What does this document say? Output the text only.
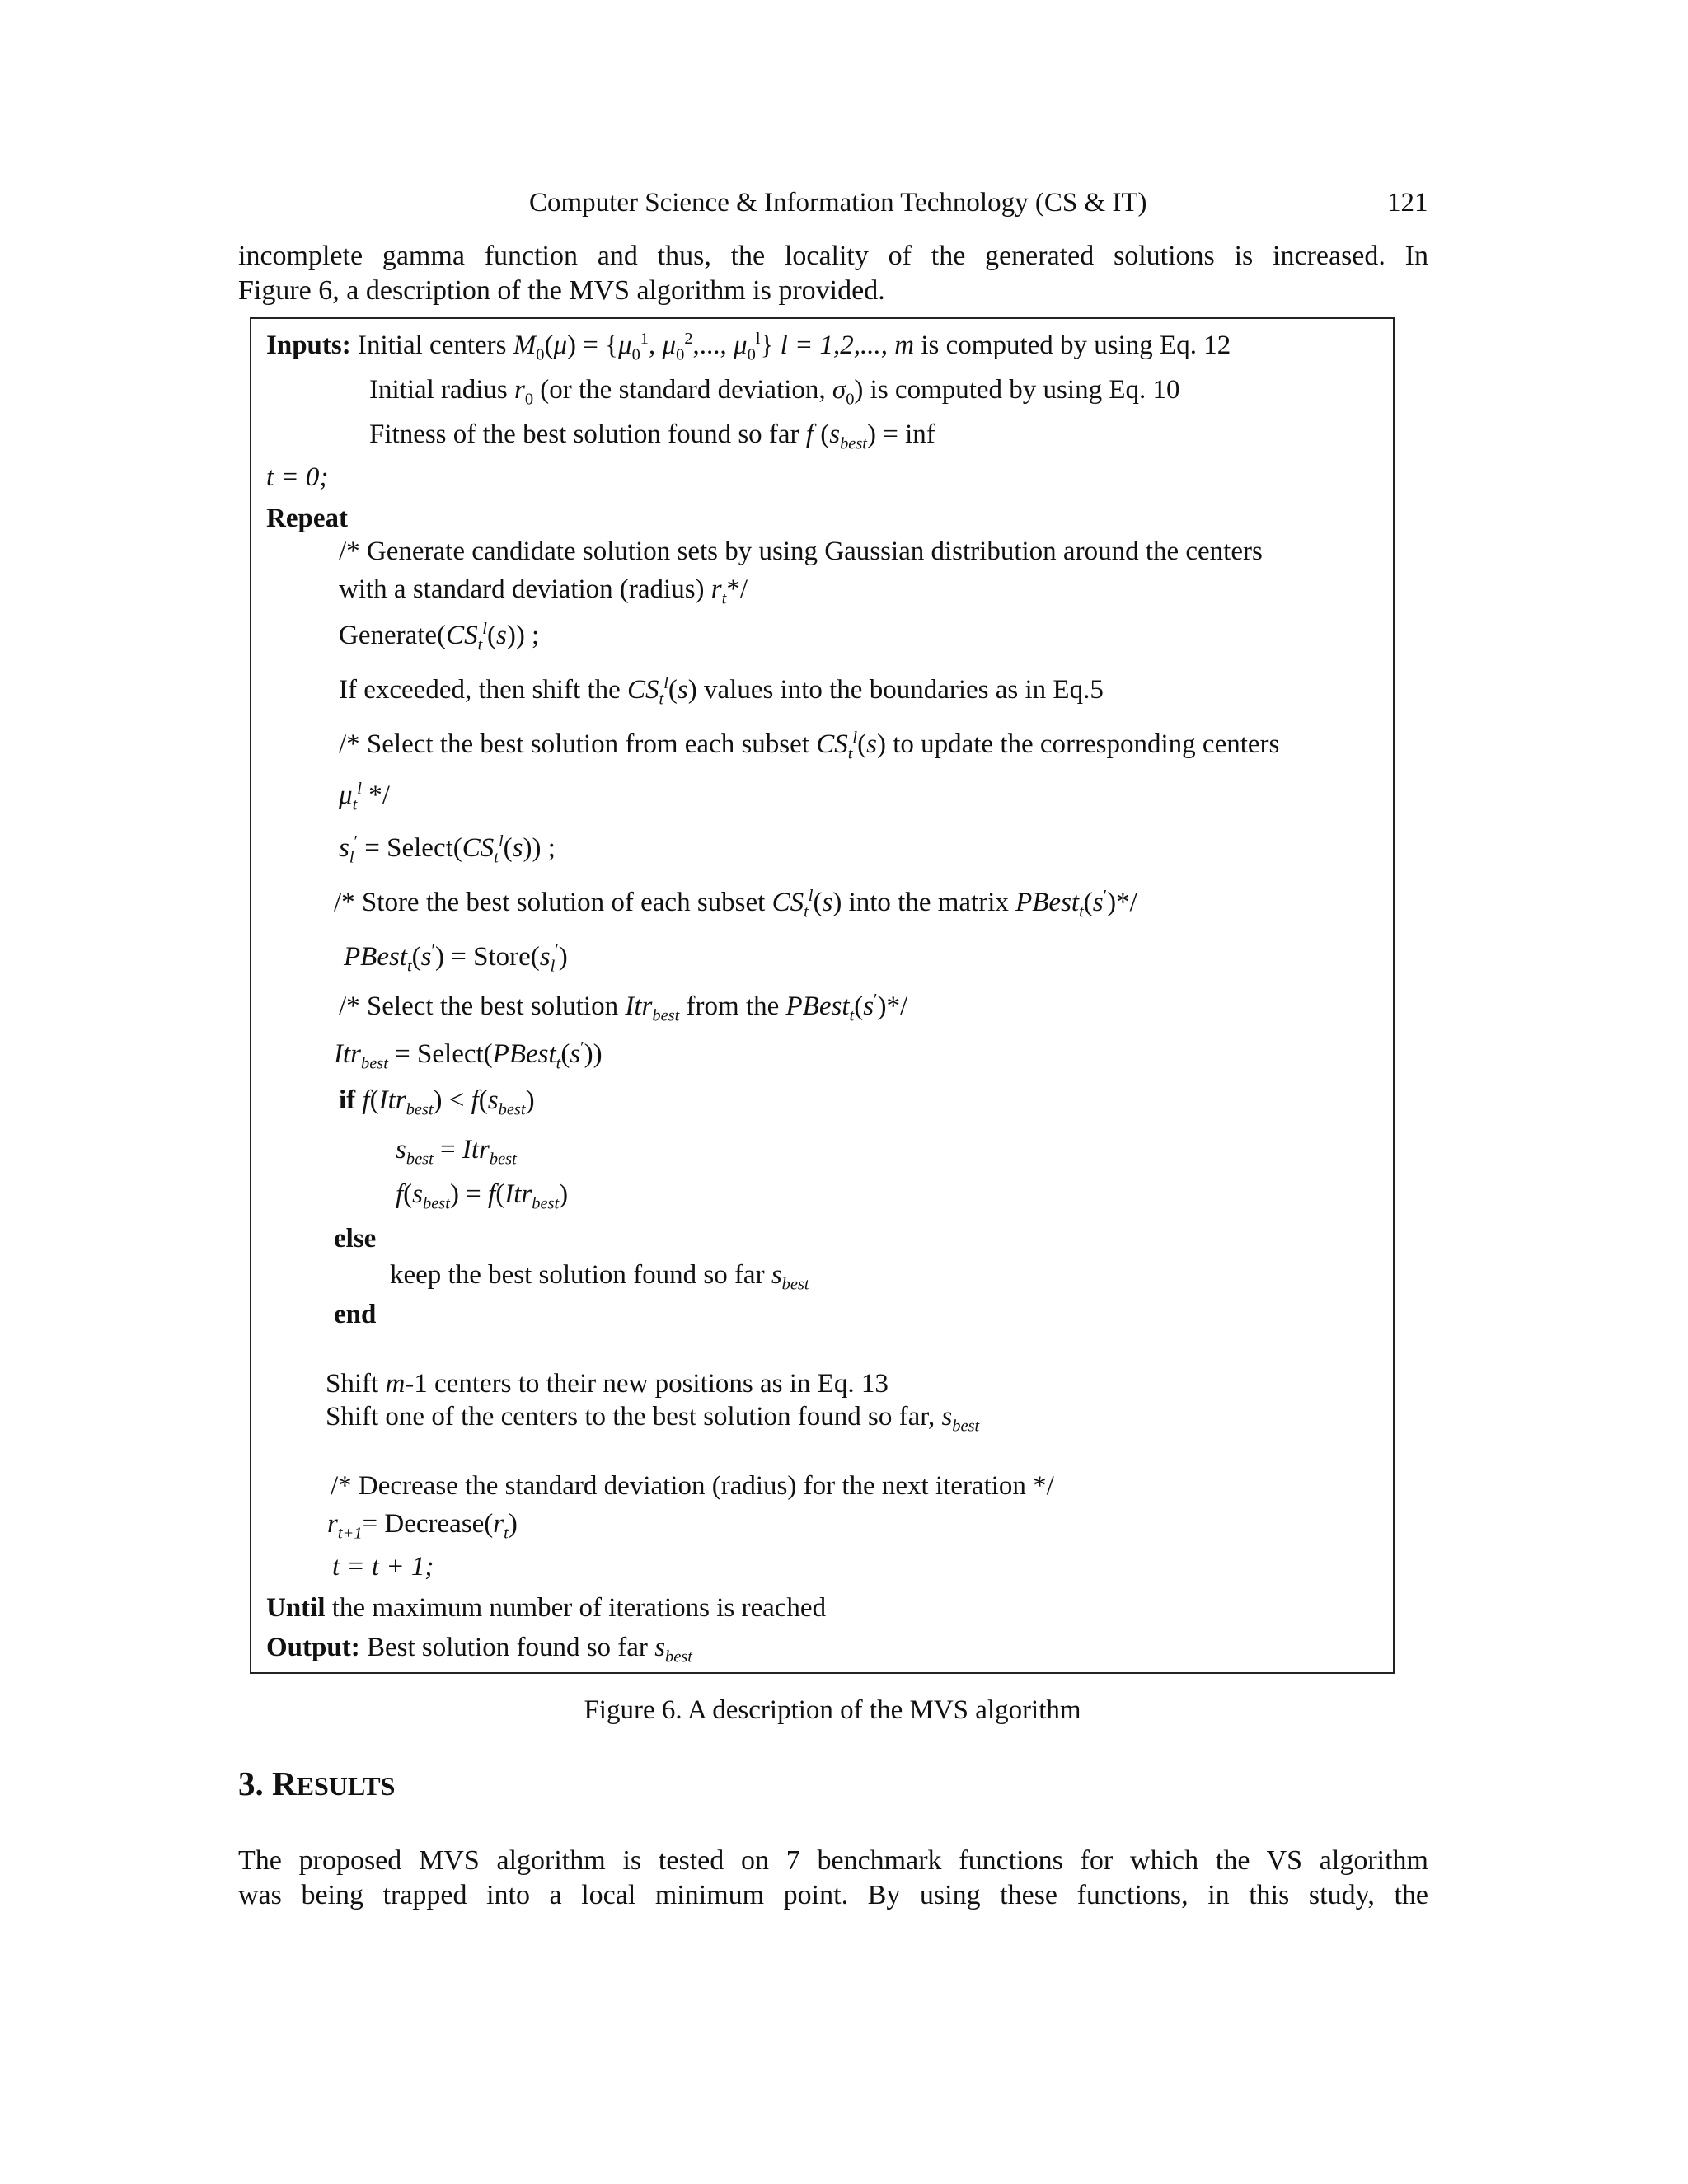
Computer Science & Information Technology (CS & IT)	121
incomplete gamma function and thus, the locality of the generated solutions is increased. In
Figure 6, a description of the MVS algorithm is provided.
Inputs: Initial centers $M_0(\mu) = \{\mu_0^1$, $\mu_0^2$,..., $\mu_0^l$} l = 1,2,..., m is computed by using Eq. 12
Initial radius $r_0$ (or the standard deviation, $\sigma_0$) is computed by using Eq. 10
Fitness of the best solution found so far f $(s_{best})$ = inf
t = 0;
Repeat
/* Generate candidate solution sets by using Gaussian distribution around the centers
with a standard deviation (radius) $r_t*/$
$Generate(CS_t^l(s))$ ;
If exceeded, then shift the $CS_t^l(s)$ values into the boundaries as in Eq.5
/* Select the best solution from each subset $CS_t^l(s)$ to update the corresponding centers
$\mu_t^l$ */
$s_l'$ = $Select(CS_t^l(s))$ ;
/* Store the best solution of each subset $CS_t^l(s)$ into the matrix PBest$_t$(s′)*/
PBest$_t$(s′) = $Store(s_l')$
/* Select the best solution Itr$_{best}$ from the PBest$_t$(s′)*/
Itr$_{best}$ = Select(PBest$_t$(s′))
if $f(Itr_{best}) < f(s_{best})$
$s_{best} = Itr_{best}$
$f(s_{best}) = f(Itr_{best})$
else
keep the best solution found so far $s_{best}$
end
Shift m-1 centers to their new positions as in Eq. 13
Shift one of the centers to the best solution found so far, $s_{best}$
/* Decrease the standard deviation (radius) for the next iteration */
$r_{t+1}=$ $Decrease(r_t)$
t = t + 1;
Until the maximum number of iterations is reached
Output: Best solution found so far $s_{best}$
Figure 6. A description of the MVS algorithm
3. RESULTS
The proposed MVS algorithm is tested on 7 benchmark functions for which the VS algorithm
was being trapped into a local minimum point. By using these functions, in this study, the
